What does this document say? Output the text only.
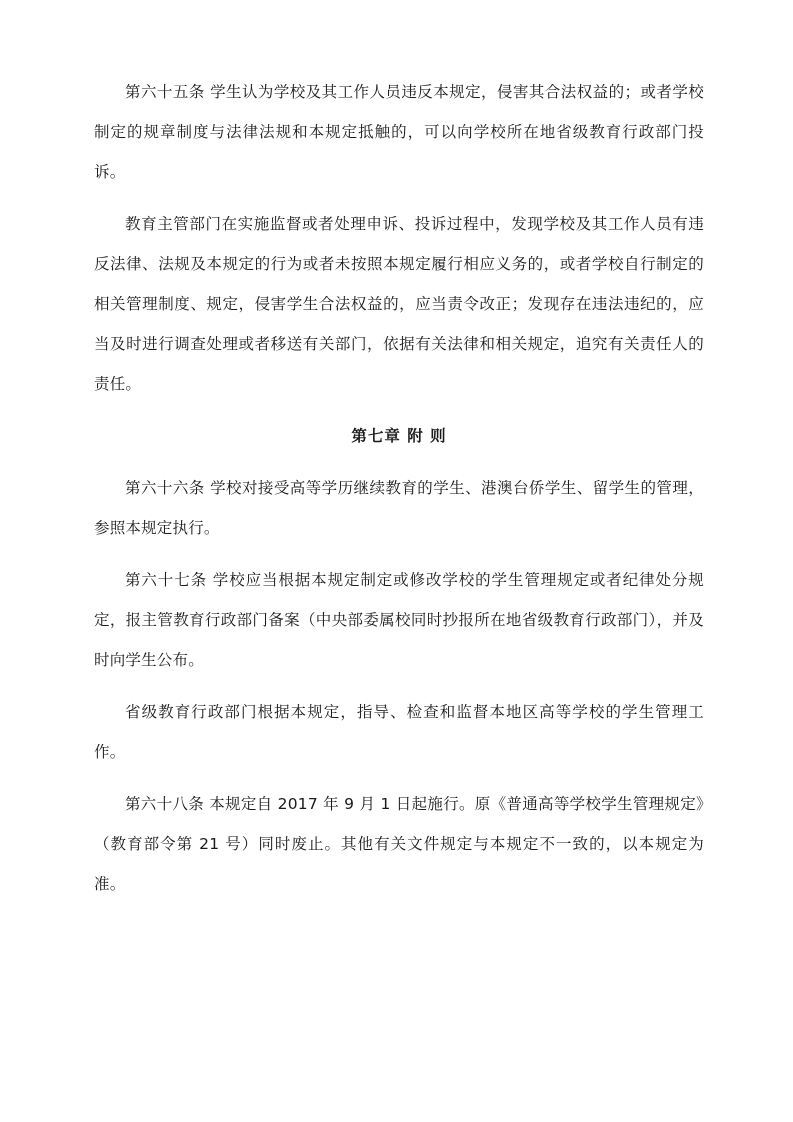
第六十五条 学生认为学校及其工作人员违反本规定，侵害其合法权益的；或者学校制定的规章制度与法律法规和本规定抵触的，可以向学校所在地省级教育行政部门投诉。

教育主管部门在实施监督或者处理申诉、投诉过程中，发现学校及其工作人员有违反法律、法规及本规定的行为或者未按照本规定履行相应义务的，或者学校自行制定的相关管理制度、规定，侵害学生合法权益的，应当责令改正；发现存在违法违纪的，应当及时进行调查处理或者移送有关部门，依据有关法律和相关规定，追究有关责任人的责任。

第七章 附 则

第六十六条 学校对接受高等学历继续教育的学生、港澳台侨学生、留学生的管理，参照本规定执行。

第六十七条 学校应当根据本规定制定或修改学校的学生管理规定或者纪律处分规定，报主管教育行政部门备案（中央部委属校同时抄报所在地省级教育行政部门），并及时向学生公布。

省级教育行政部门根据本规定，指导、检查和监督本地区高等学校的学生管理工作。

第六十八条 本规定自 2017 年 9 月 1 日起施行。原《普通高等学校学生管理规定》（教育部令第 21 号）同时废止。其他有关文件规定与本规定不一致的，以本规定为准。
